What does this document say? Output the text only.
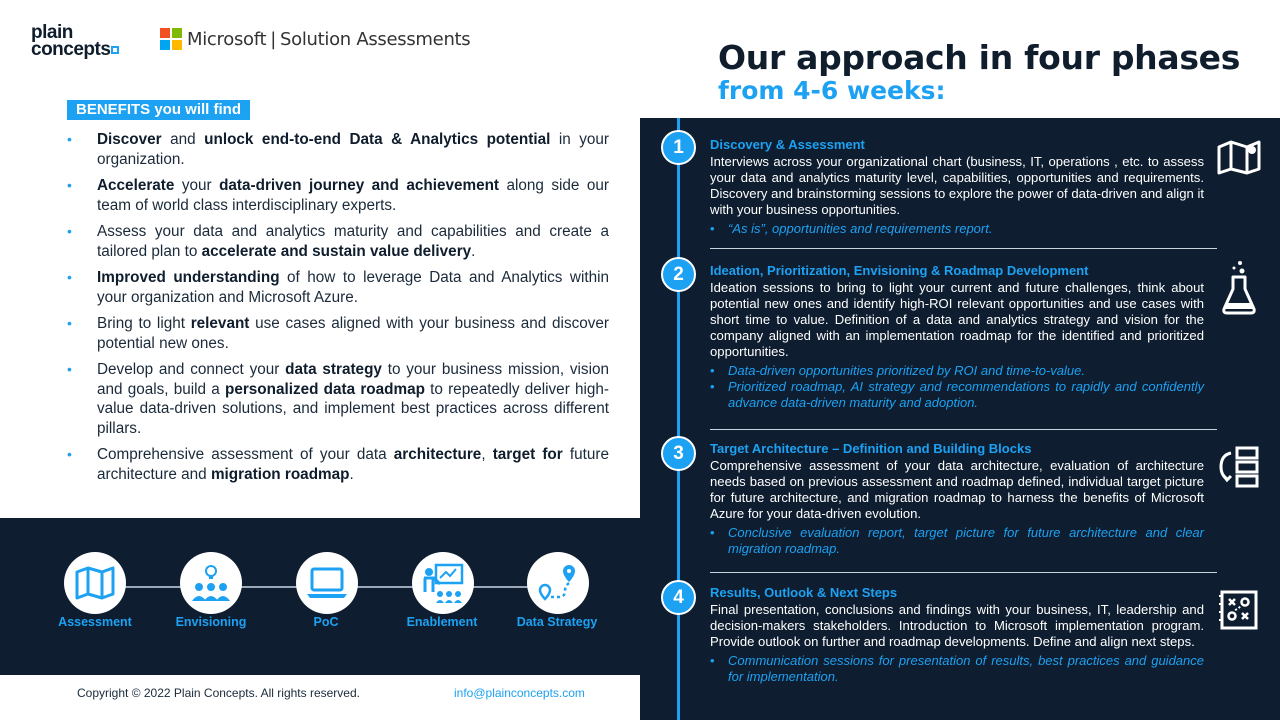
plain
concepts	Microsoft | Solution Assessments	Our approach in four phases
from 4-6 weeks:
BENEFITS you will find
• Discover and unlock end-to-end Data & Analytics potential in your organization.
• Accelerate your data-driven journey and achievement along side our team of world class interdisciplinary experts.
• Assess your data and analytics maturity and capabilities and create a tailored plan to accelerate and sustain value delivery.
• Improved understanding of how to leverage Data and Analytics within your organization and Microsoft Azure.
• Bring to light relevant use cases aligned with your business and discover potential new ones.
• Develop and connect your data strategy to your business mission, vision and goals, build a personalized data roadmap to repeatedly deliver high-value data-driven solutions, and implement best practices across different pillars.
• Comprehensive assessment of your data architecture, target for future architecture and migration roadmap.
Assessment	Envisioning	PoC	Enablement	Data Strategy
Copyright © 2022 Plain Concepts. All rights reserved.	info@plainconcepts.com
1	Discovery & Assessment

Interviews across your organizational chart (business, IT, operations , etc. to assess your data and analytics maturity level, capabilities, opportunities and requirements. Discovery and brainstorming sessions to explore the power of data-driven and align it with your business opportunities.

• “As is”, opportunities and requirements report.
2	Ideation, Prioritization, Envisioning & Roadmap Development

Ideation sessions to bring to light your current and future challenges, think about potential new ones and identify high-ROI relevant opportunities and use cases with short time to value. Definition of a data and analytics strategy and vision for the company aligned with an implementation roadmap for the identified and prioritized opportunities.

• Data-driven opportunities prioritized by ROI and time-to-value.
• Prioritized roadmap, AI strategy and recommendations to rapidly and confidently advance data-driven maturity and adoption.
3	Target Architecture – Definition and Building Blocks

Comprehensive assessment of your data architecture, evaluation of architecture needs based on previous assessment and roadmap defined, individual target picture for future architecture, and migration roadmap to harness the benefits of Microsoft Azure for your data-driven evolution.

• Conclusive evaluation report, target picture for future architecture and clear migration roadmap.
4	Results, Outlook & Next Steps

Final presentation, conclusions and findings with your business, IT, leadership and decision-makers stakeholders. Introduction to Microsoft implementation program. Provide outlook on further and roadmap developments. Define and align next steps.

• Communication sessions for presentation of results, best practices and guidance for implementation.
